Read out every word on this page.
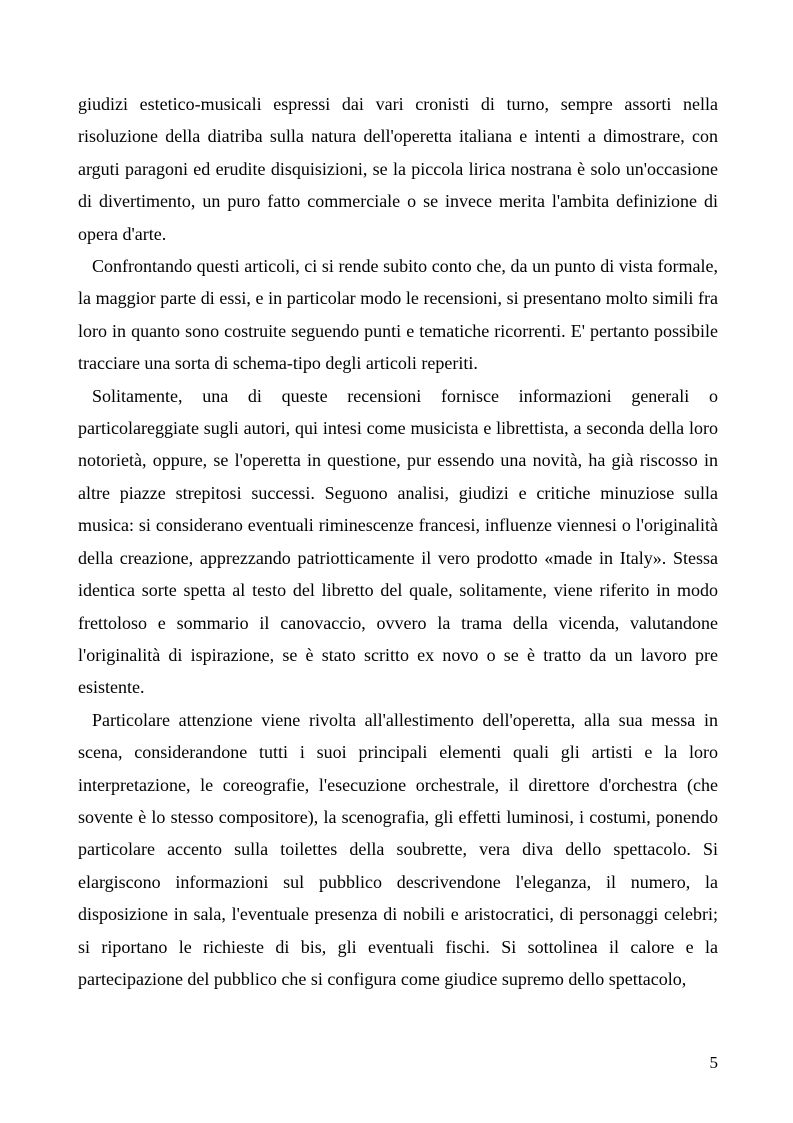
giudizi estetico-musicali espressi dai vari cronisti di turno, sempre assorti nella risoluzione della diatriba sulla natura dell'operetta italiana e intenti a dimostrare, con arguti paragoni ed erudite disquisizioni, se la piccola lirica nostrana è solo un'occasione di divertimento, un puro fatto commerciale o se invece merita l'ambita definizione di opera d'arte.

Confrontando questi articoli, ci si rende subito conto che, da un punto di vista formale, la maggior parte di essi, e in particolar modo le recensioni, si presentano molto simili fra loro in quanto sono costruite seguendo punti e tematiche ricorrenti. E' pertanto possibile tracciare una sorta di schema-tipo degli articoli reperiti.

Solitamente, una di queste recensioni fornisce informazioni generali o particolareggiate sugli autori, qui intesi come musicista e librettista, a seconda della loro notorietà, oppure, se l'operetta in questione, pur essendo una novità, ha già riscosso in altre piazze strepitosi successi. Seguono analisi, giudizi e critiche minuziose sulla musica: si considerano eventuali riminescenze francesi, influenze viennesi o l'originalità della creazione, apprezzando patriotticamente il vero prodotto «made in Italy». Stessa identica sorte spetta al testo del libretto del quale, solitamente, viene riferito in modo frettoloso e sommario il canovaccio, ovvero la trama della vicenda, valutandone l'originalità di ispirazione, se è stato scritto ex novo o se è tratto da un lavoro pre esistente.

Particolare attenzione viene rivolta all'allestimento dell'operetta, alla sua messa in scena, considerandone tutti i suoi principali elementi quali gli artisti e la loro interpretazione, le coreografie, l'esecuzione orchestrale, il direttore d'orchestra (che sovente è lo stesso compositore), la scenografia, gli effetti luminosi, i costumi, ponendo particolare accento sulla toilettes della soubrette, vera diva dello spettacolo. Si elargiscono informazioni sul pubblico descrivendone l'eleganza, il numero, la disposizione in sala, l'eventuale presenza di nobili e aristocratici, di personaggi celebri; si riportano le richieste di bis, gli eventuali fischi. Si sottolinea il calore e la partecipazione del pubblico che si configura come giudice supremo dello spettacolo,

5
